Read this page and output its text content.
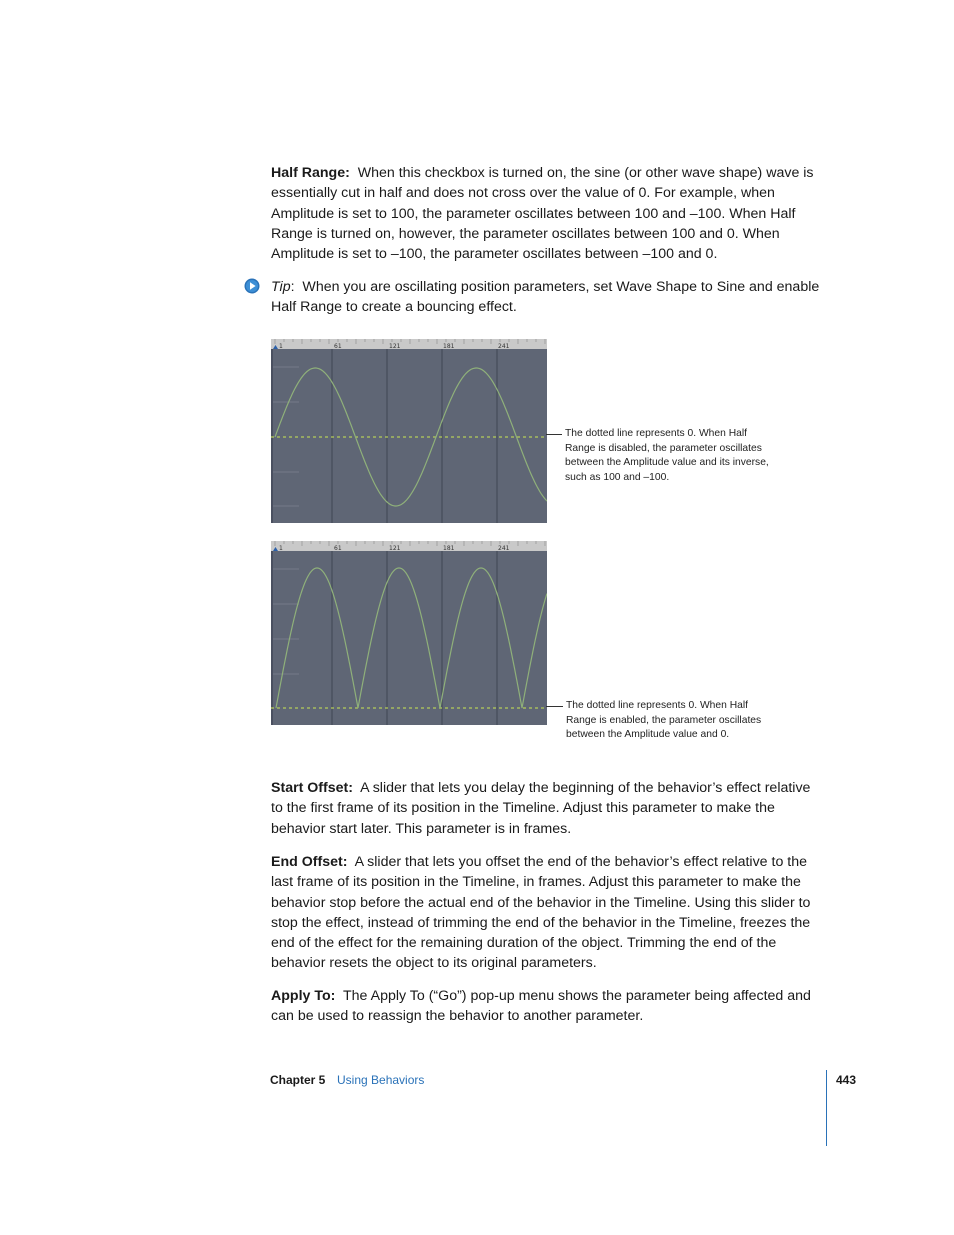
Half Range: When this checkbox is turned on, the sine (or other wave shape) wave is essentially cut in half and does not cross over the value of 0. For example, when Amplitude is set to 100, the parameter oscillates between 100 and –100. When Half Range is turned on, however, the parameter oscillates between 100 and 0. When Amplitude is set to –100, the parameter oscillates between –100 and 0.

Tip:  When you are oscillating position parameters, set Wave Shape to Sine and enable Half Range to create a bouncing effect.

1	61	121	181	241

The dotted line represents 0. When Half Range is disabled, the parameter oscillates between the Amplitude value and its inverse, such as 100 and –100.

1	61	121	181	241

The dotted line represents 0. When Half Range is enabled, the parameter oscillates between the Amplitude value and 0.

Start Offset: A slider that lets you delay the beginning of the behavior’s effect relative to the first frame of its position in the Timeline. Adjust this parameter to make the behavior start later. This parameter is in frames.

End Offset: A slider that lets you offset the end of the behavior’s effect relative to the last frame of its position in the Timeline, in frames. Adjust this parameter to make the behavior stop before the actual end of the behavior in the Timeline. Using this slider to stop the effect, instead of trimming the end of the behavior in the Timeline, freezes the end of the effect for the remaining duration of the object. Trimming the end of the behavior resets the object to its original parameters.

Apply To: The Apply To (“Go”) pop-up menu shows the parameter being affected and can be used to reassign the behavior to another parameter.

Chapter 5 Using Behaviors	443
